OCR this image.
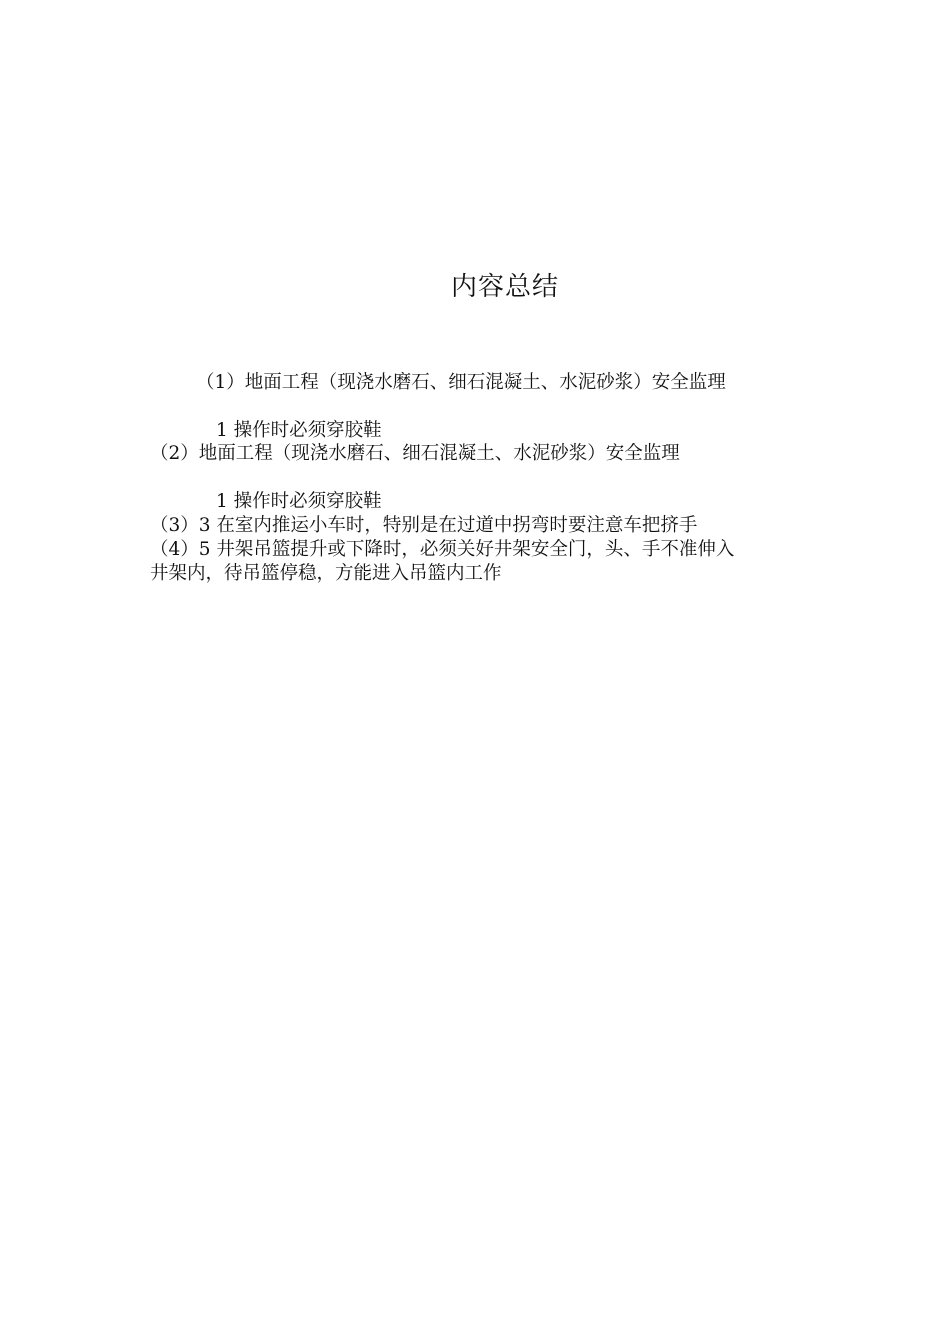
内容总结
（1）地面工程（现浇水磨石、细石混凝土、水泥砂浆）安全监理
1 操作时必须穿胶鞋
（2）地面工程（现浇水磨石、细石混凝土、水泥砂浆）安全监理
1 操作时必须穿胶鞋
（3）3 在室内推运小车时，特别是在过道中拐弯时要注意车把挤手
（4）5 井架吊篮提升或下降时，必须关好井架安全门，头、手不准伸入
井架内，待吊篮停稳，方能进入吊篮内工作
